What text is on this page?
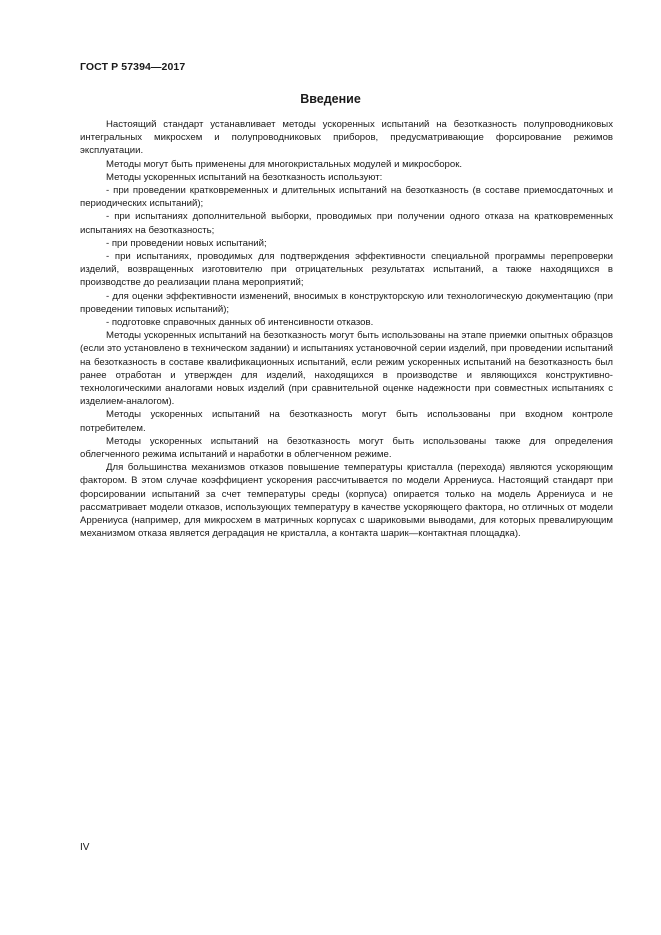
ГОСТ Р 57394—2017
Введение

Настоящий стандарт устанавливает методы ускоренных испытаний на безотказность полупроводниковых интегральных микросхем и полупроводниковых приборов, предусматривающие форсирование режимов эксплуатации.

Методы могут быть применены для многокристальных модулей и микросборок.

Методы ускоренных испытаний на безотказность используют:

- при проведении кратковременных и длительных испытаний на безотказность (в составе приемосдаточных и периодических испытаний);

- при испытаниях дополнительной выборки, проводимых при получении одного отказа на кратковременных испытаниях на безотказность;

- при проведении новых испытаний;

- при испытаниях, проводимых для подтверждения эффективности специальной программы перепроверки изделий, возвращенных изготовителю при отрицательных результатах испытаний, а также находящихся в производстве до реализации плана мероприятий;

- для оценки эффективности изменений, вносимых в конструкторскую или технологическую документацию (при проведении типовых испытаний);

- подготовке справочных данных об интенсивности отказов.

Методы ускоренных испытаний на безотказность могут быть использованы на этапе приемки опытных образцов (если это установлено в техническом задании) и испытаниях установочной серии изделий, при проведении испытаний на безотказность в составе квалификационных испытаний, если режим ускоренных испытаний на безотказность был ранее отработан и утвержден для изделий, находящихся в производстве и являющихся конструктивно-технологическими аналогами новых изделий (при сравнительной оценке надежности при совместных испытаниях с изделием-аналогом).

Методы ускоренных испытаний на безотказность могут быть использованы при входном контроле потребителем.

Методы ускоренных испытаний на безотказность могут быть использованы также для определения облегченного режима испытаний и наработки в облегченном режиме.

Для большинства механизмов отказов повышение температуры кристалла (перехода) являются ускоряющим фактором. В этом случае коэффициент ускорения рассчитывается по модели Аррениуса. Настоящий стандарт при форсировании испытаний за счет температуры среды (корпуса) опирается только на модель Аррениуса и не рассматривает модели отказов, использующих температуру в качестве ускоряющего фактора, но отличных от модели Аррениуса (например, для микросхем в матричных корпусах с шариковыми выводами, для которых превалирующим механизмом отказа является деградация не кристалла, а контакта шарик—контактная площадка).

IV
